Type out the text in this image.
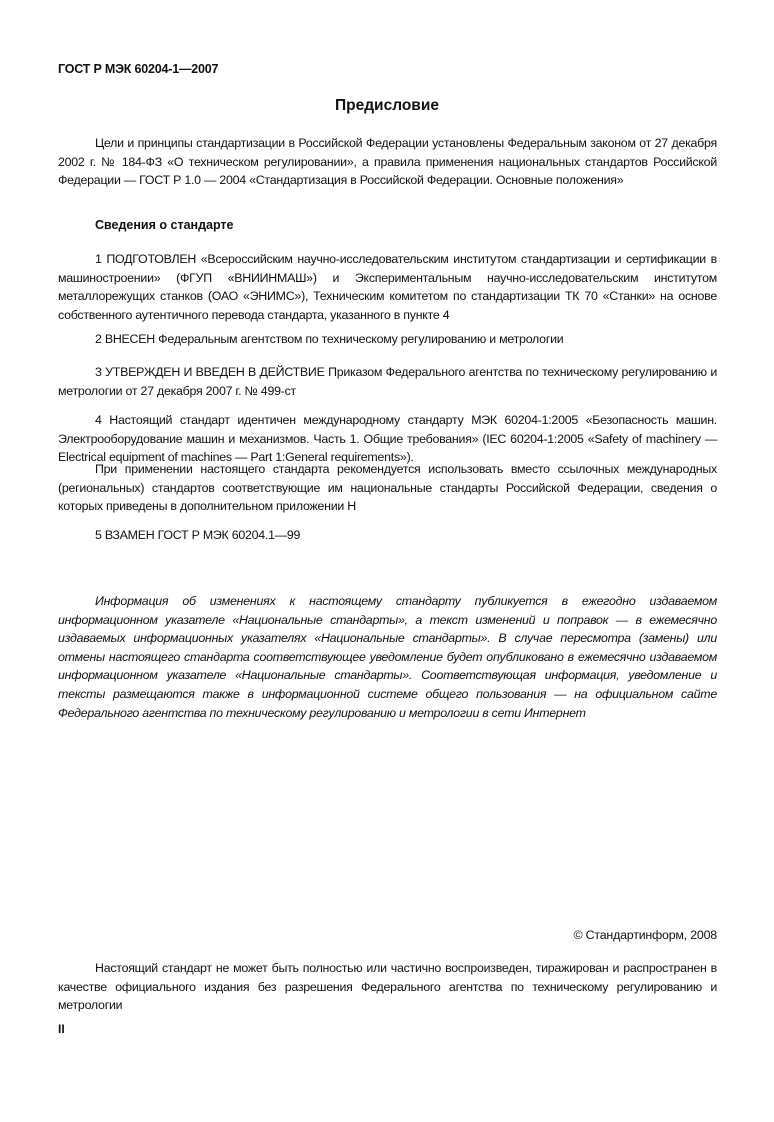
ГОСТ Р МЭК 60204-1—2007
Предисловие

Цели и принципы стандартизации в Российской Федерации установлены Федеральным законом от 27 декабря 2002 г. № 184-ФЗ «О техническом регулировании», а правила применения национальных стандартов Российской Федерации — ГОСТ Р 1.0 — 2004 «Стандартизация в Российской Федерации. Основные положения»

Сведения о стандарте

1 ПОДГОТОВЛЕН «Всероссийским научно-исследовательским институтом стандартизации и сертификации в машиностроении» (ФГУП «ВНИИНМАШ») и Экспериментальным научно-исследовательским институтом металлорежущих станков (ОАО «ЭНИМС»), Техническим комитетом по стандартизации ТК 70 «Станки» на основе собственного аутентичного перевода стандарта, указанного в пункте 4

2 ВНЕСЕН Федеральным агентством по техническому регулированию и метрологии

3 УТВЕРЖДЕН И ВВЕДЕН В ДЕЙСТВИЕ Приказом Федерального агентства по техническому регулированию и метрологии от 27 декабря 2007 г. № 499-ст

4 Настоящий стандарт идентичен международному стандарту МЭК 60204-1:2005 «Безопасность машин. Электрооборудование машин и механизмов. Часть 1. Общие требования» (IEC 60204-1:2005 «Safety of machinery — Electrical equipment of machines — Part 1:General requirements»).

При применении настоящего стандарта рекомендуется использовать вместо ссылочных международных (региональных) стандартов соответствующие им национальные стандарты Российской Федерации, сведения о которых приведены в дополнительном приложении Н

5 ВЗАМЕН ГОСТ Р МЭК 60204.1—99

Информация об изменениях к настоящему стандарту публикуется в ежегодно издаваемом информационном указателе «Национальные стандарты», а текст изменений и поправок — в ежемесячно издаваемых информационных указателях «Национальные стандарты». В случае пересмотра (замены) или отмены настоящего стандарта соответствующее уведомление будет опубликовано в ежемесячно издаваемом информационном указателе «Национальные стандарты». Соответствующая информация, уведомление и тексты размещаются также в информационной системе общего пользования — на официальном сайте Федерального агентства по техническому регулированию и метрологии в сети Интернет

© Стандартинформ, 2008

Настоящий стандарт не может быть полностью или частично воспроизведен, тиражирован и распространен в качестве официального издания без разрешения Федерального агентства по техническому регулированию и метрологии

II
